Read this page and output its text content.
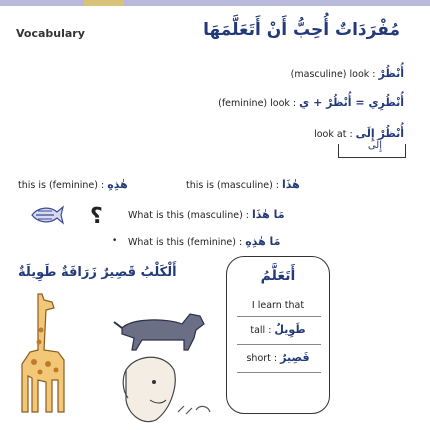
Vocabulary	مُفْرَدَاتٌ أُحِبُّ أَنْ أَتَعَلَّمَهَا
(masculine) look : أُنْظُرْ
(feminine) look : أُنْظُرِي = أُنْظُرْ + ي
look at : أُنْظُرْ إِلَى
إِلَى
this is (feminine) : هٰذِهِ	this is (masculine) : هٰذَا
؟	What is this (masculine) : مَا هٰذَا
• What is this (feminine) : مَا هٰذِهِ
أَلْكَلْبُ قَصِيرٌ زَرَافَةٌ طَوِيلَةٌ	أَتَعَلَّمُ
I learn that
tall : طَوِيلٌ
short : قَصِيرٌ
